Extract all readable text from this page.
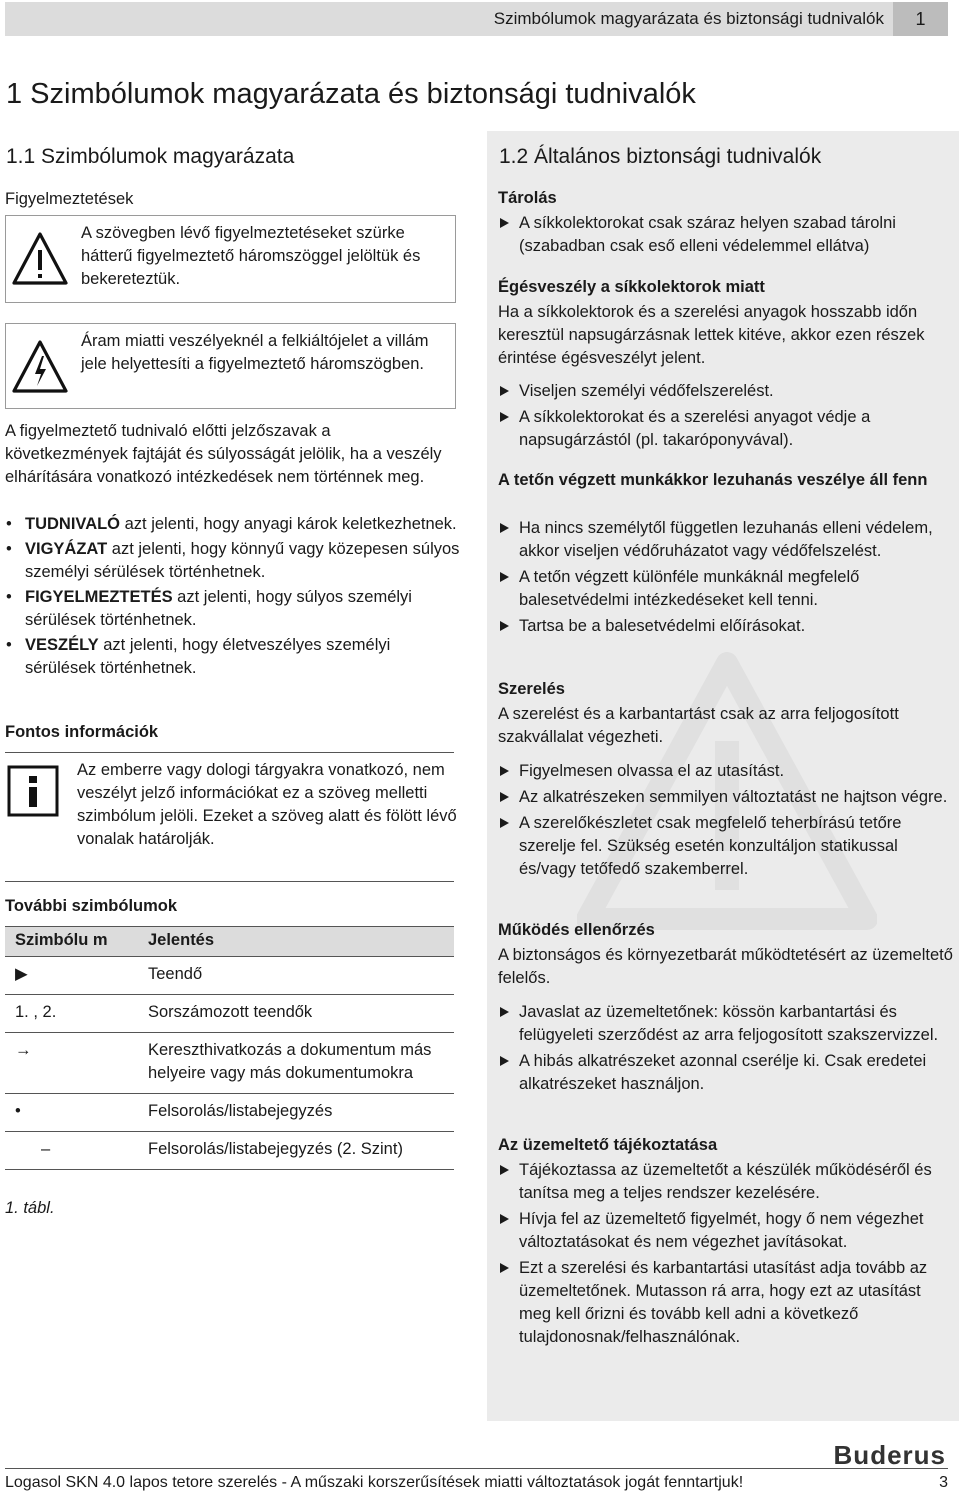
Szimbólumok magyarázata és biztonsági tudnivalók	1
1 Szimbólumok magyarázata és biztonsági tudnivalók
1.1 Szimbólumok magyarázata
Figyelmeztetések
A szövegben lévő figyelmeztetéseket szürke hátterű figyelmeztető háromszöggel jelöltük és bekereteztük.
Áram miatti veszélyeknél a felkiáltójelet a villám jele helyettesíti a figyelmeztető háromszögben.
A figyelmeztető tudnivaló előtti jelzőszavak a következmények fajtáját és súlyosságát jelölik, ha a veszély elhárítására vonatkozó intézkedések nem történnek meg.
• TUDNIVALÓ azt jelenti, hogy anyagi károk keletkezhetnek.
• VIGYÁZAT azt jelenti, hogy könnyű vagy közepesen súlyos személyi sérülések történhetnek.
• FIGYELMEZTETÉS azt jelenti, hogy súlyos személyi sérülések történhetnek.
• VESZÉLY azt jelenti, hogy életveszélyes személyi sérülések történhetnek.
Fontos információk
Az emberre vagy dologi tárgyakra vonatkozó, nem veszélyt jelző információkat ez a szöveg melletti szimbólum jelöli. Ezeket a szöveg alatt és fölött lévő vonalak határolják.
További szimbólumok
Szimbólu m	Jelentés
▶	Teendő
1. , 2.	Sorszámozott teendők
→	Kereszthivatkozás a dokumentum más helyeire vagy más dokumentumokra
•	Felsorolás/listabejegyzés
–	Felsorolás/listabejegyzés (2. Szint)
1. tábl.
1.2 Általános biztonsági tudnivalók
Tárolás
A síkkolektorokat csak száraz helyen szabad tárolni (szabadban csak eső elleni védelemmel ellátva)
Égésveszély a síkkolektorok miatt
Ha a síkkolektorok és a szerelési anyagok hosszabb időn keresztül napsugárzásnak lettek kitéve, akkor ezen részek érintése égésveszélyt jelent.
Viseljen személyi védőfelszerelést.
A síkkolektorokat és a szerelési anyagot védje a napsugárzástól (pl. takaróponyvával).
A tetőn végzett munkákkor lezuhanás veszélye áll fenn
Ha nincs személytől független lezuhanás elleni védelem, akkor viseljen védőruházatot vagy védőfelszelést.
A tetőn végzett különféle munkáknál megfelelő balesetvédelmi intézkedéseket kell tenni.
Tartsa be a balesetvédelmi előírásokat.
Szerelés
A szerelést és a karbantartást csak az arra feljogosított szakvállalat végezheti.
Figyelmesen olvassa el az utasítást.
Az alkatrészeken semmilyen változtatást ne hajtson végre.
A szerelőkészletet csak megfelelő teherbírású tetőre szerelje fel. Szükség esetén konzultáljon statikussal és/vagy tetőfedő szakemberrel.
Működés ellenőrzés
A biztonságos és környezetbarát működtetésért az üzemeltető felelős.
Javaslat az üzemeltetőnek: kössön karbantartási és felügyeleti szerződést az arra feljogosított szakszervizzel.
A hibás alkatrészeket azonnal cserélje ki. Csak eredetei alkatrészeket használjon.
Az üzemeltető tájékoztatása
Tájékoztassa az üzemeltetőt a készülék működéséről és tanítsa meg a teljes rendszer kezelésére.
Hívja fel az üzemeltető figyelmét, hogy ő nem végezhet változtatásokat és nem végezhet javításokat.
Ezt a szerelési és karbantartási utasítást adja tovább az üzemeltetőnek. Mutasson rá arra, hogy ezt az utasítást meg kell őrizni és tovább kell adni a következő tulajdonosnak/felhasználónak.
Buderus
Logasol SKN 4.0 lapos tetore szerelés - A műszaki korszerűsítések miatti változtatások jogát fenntartjuk!	3
